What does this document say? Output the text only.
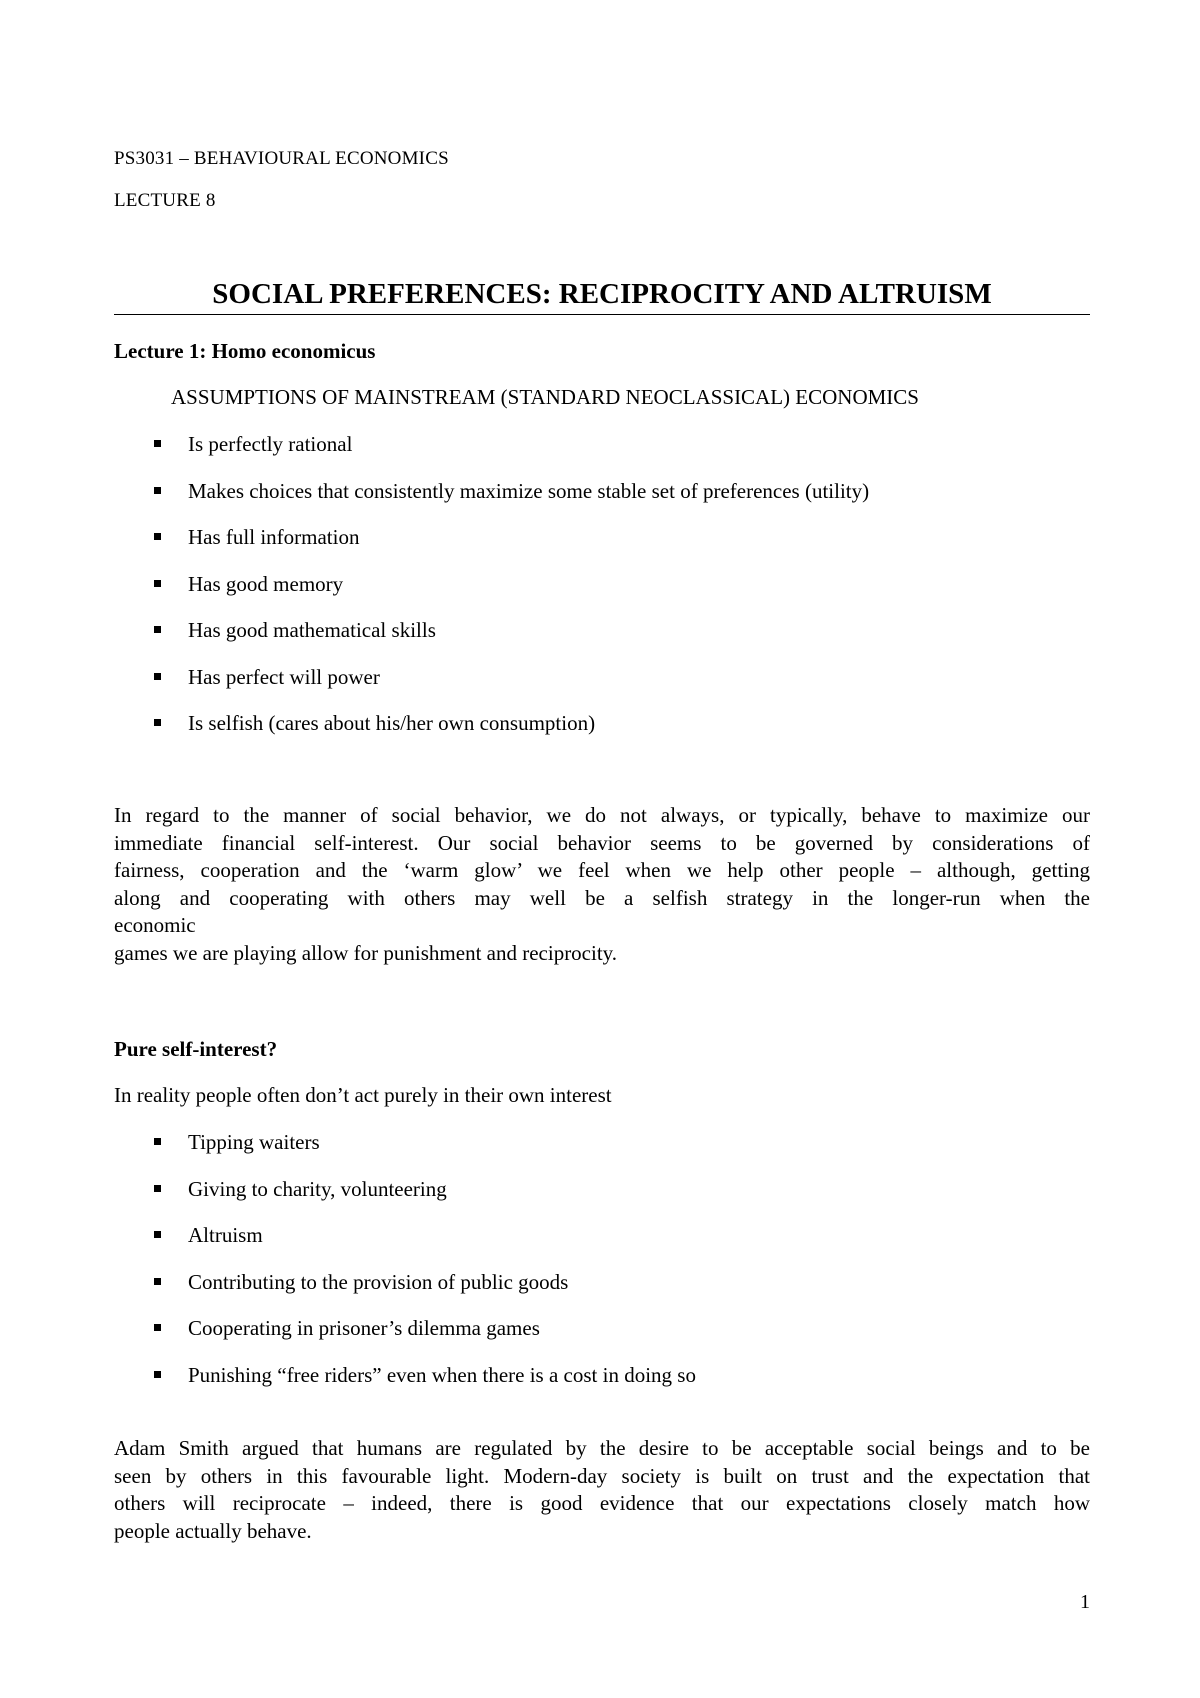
PS3031 – BEHAVIOURAL ECONOMICS
LECTURE 8
SOCIAL PREFERENCES: RECIPROCITY AND ALTRUISM
Lecture 1: Homo economicus
ASSUMPTIONS OF MAINSTREAM (STANDARD NEOCLASSICAL) ECONOMICS
Is perfectly rational
Makes choices that consistently maximize some stable set of preferences (utility)
Has full information
Has good memory
Has good mathematical skills
Has perfect will power
Is selfish (cares about his/her own consumption)
In regard to the manner of social behavior, we do not always, or typically, behave to maximize our
immediate financial self-interest. Our social behavior seems to be governed by considerations of
fairness, cooperation and the ‘warm glow’ we feel when we help other people – although, getting
along and cooperating with others may well be a selfish strategy in the longer-run when the
economic
games we are playing allow for punishment and reciprocity.
Pure self-interest?
In reality people often don’t act purely in their own interest
Tipping waiters
Giving to charity, volunteering
Altruism
Contributing to the provision of public goods
Cooperating in prisoner’s dilemma games
Punishing “free riders” even when there is a cost in doing so
Adam Smith argued that humans are regulated by the desire to be acceptable social beings and to be
seen by others in this favourable light. Modern-day society is built on trust and the expectation that
others will reciprocate – indeed, there is good evidence that our expectations closely match how
people actually behave.
1
